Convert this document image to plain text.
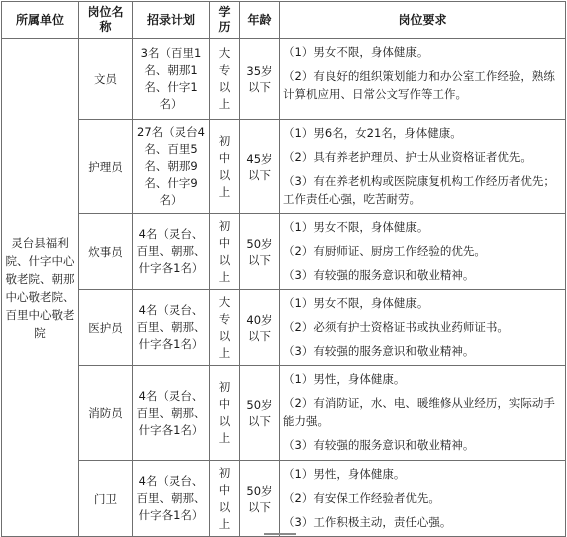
所属单位	岗位名称	招录计划	学历	年龄	岗位要求
灵台县福利院、什字中心敬老院、朝那中心敬老院、百里中心敬老院	文员	3名（百里1名、朝那1名、什字1名）	大专以上	35岁以下	（1）男女不限，身体健康。
（2）有良好的组织策划能力和办公室工作经验，熟练计算机应用、日常公文写作等工作。

	护理员	27名（灵台4名、百里5名、朝那9名、什字9名）	初中以上	45岁以下	（1）男6名，女21名，身体健康。
（2）具有养老护理员、护士从业资格证者优先。
（3）有在养老机构或医院康复机构工作经历者优先；工作责任心强，吃苦耐劳。

	炊事员	4名（灵台、百里、朝那、什字各1名）	初中以上	50岁以下	（1）男女不限，身体健康。
（2）有厨师证、厨房工作经验的优先。
（3）有较强的服务意识和敬业精神。

	医护员	4名（灵台、百里、朝那、什字各1名）	大专以上	40岁以下	（1）男女不限，身体健康。
（2）必须有护士资格证书或执业药师证书。
（3）有较强的服务意识和敬业精神。

	消防员	4名（灵台、百里、朝那、什字各1名）	初中以上	50岁以下	（1）男性，身体健康。
（2）有消防证，水、电、暖维修从业经历，实际动手能力强。
（3）有较强的服务意识和敬业精神。

	门卫	4名（灵台、百里、朝那、什字各1名）	初中以上	50岁以下	（1）男性，身体健康。
（2）有安保工作经验者优先。
（3）工作积极主动，责任心强。
